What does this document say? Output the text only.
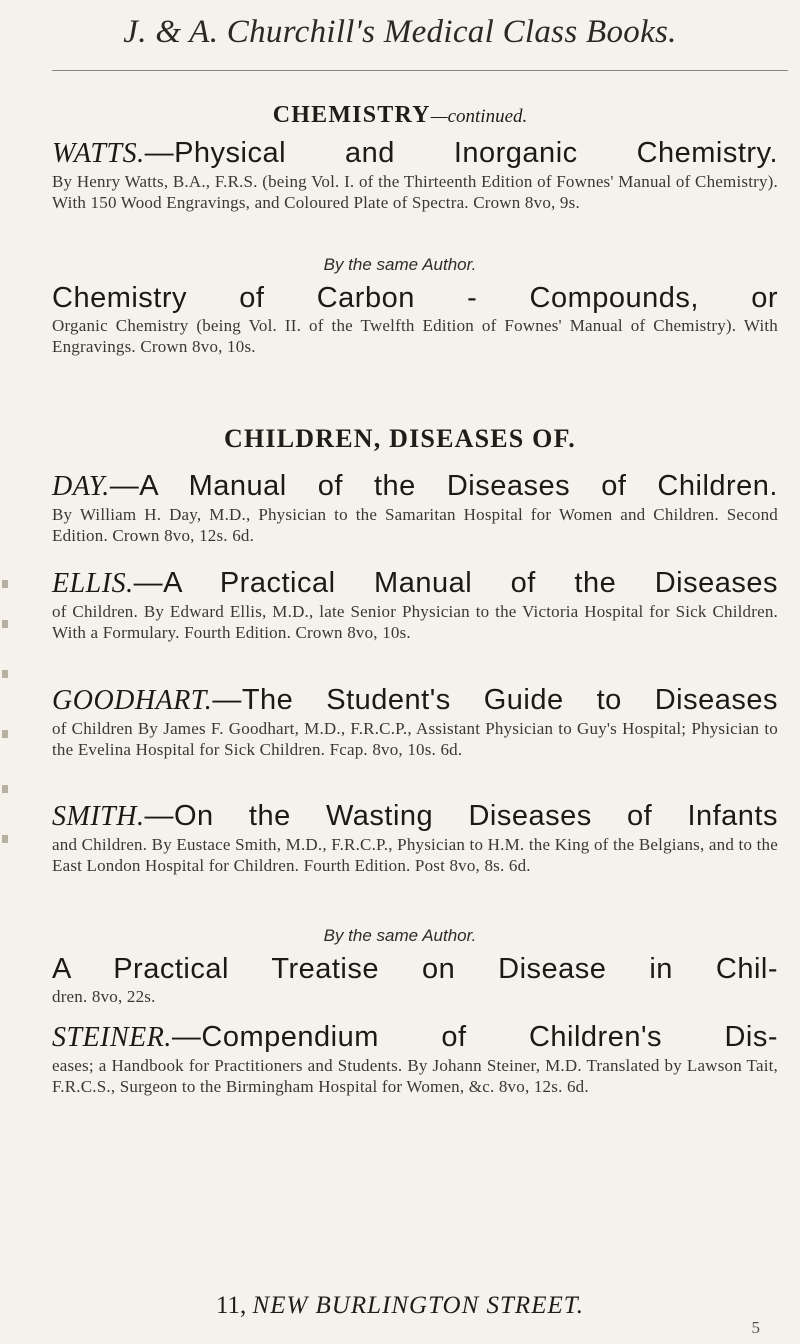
J. & A. Churchill's Medical Class Books.
CHEMISTRY—continued.
WATTS.—Physical and Inorganic Chemistry.
By Henry Watts, B.A., F.R.S. (being Vol. I. of the Thirteenth Edition of Fownes' Manual of Chemistry). With 150 Wood Engravings, and Coloured Plate of Spectra. Crown 8vo, 9s.
By the same Author.
Chemistry of Carbon - Compounds, or
Organic Chemistry (being Vol. II. of the Twelfth Edition of Fownes' Manual of Chemistry). With Engravings. Crown 8vo, 10s.
CHILDREN, DISEASES OF.
DAY.—A Manual of the Diseases of Children.
By William H. Day, M.D., Physician to the Samaritan Hospital for Women and Children. Second Edition. Crown 8vo, 12s. 6d.
ELLIS.—A Practical Manual of the Diseases
of Children. By Edward Ellis, M.D., late Senior Physician to the Victoria Hospital for Sick Children. With a Formulary. Fourth Edition. Crown 8vo, 10s.
GOODHART.—The Student's Guide to Diseases
of Children By James F. Goodhart, M.D., F.R.C.P., Assistant Physician to Guy's Hospital; Physician to the Evelina Hospital for Sick Children. Fcap. 8vo, 10s. 6d.
SMITH.—On the Wasting Diseases of Infants
and Children. By Eustace Smith, M.D., F.R.C.P., Physician to H.M. the King of the Belgians, and to the East London Hospital for Children. Fourth Edition. Post 8vo, 8s. 6d.
By the same Author.
A Practical Treatise on Disease in Chil-
dren. 8vo, 22s.
STEINER.—Compendium of Children's Dis-
eases; a Handbook for Practitioners and Students. By Johann Steiner, M.D. Translated by Lawson Tait, F.R.C.S., Surgeon to the Birmingham Hospital for Women, &c. 8vo, 12s. 6d.
11, NEW BURLINGTON STREET.
5
